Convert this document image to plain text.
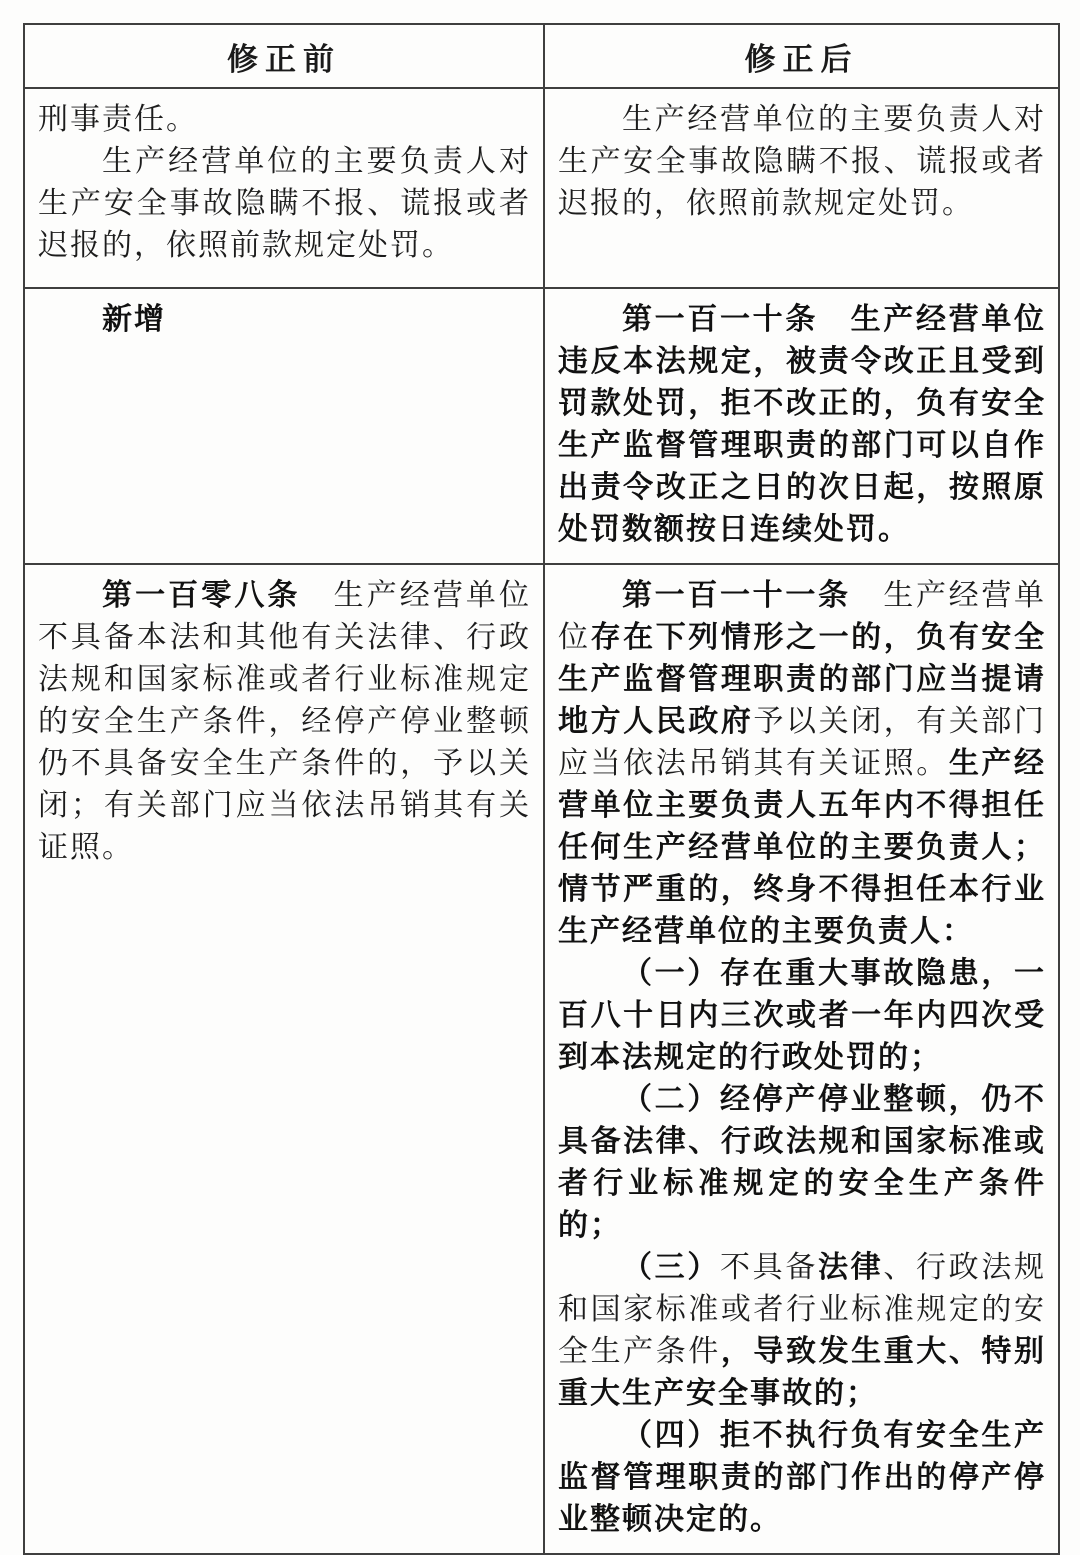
修正前	修正后

刑事责任。

生产经营单位的主要负责人对生产安全事故隐瞒不报、谎报或者迟报的，依照前款规定处罚。	生产经营单位的主要负责人对生产安全事故隐瞒不报、谎报或者迟报的，依照前款规定处罚。

新增	第一百一十条　 生产经营单位违反本法规定，被责令改正且受到罚款处罚，拒不改正的，负有安全生产监督管理职责的部门可以自作出责令改正之日的次日起，按照原处罚数额按日连续处罚。

第一百零八条　 生产经营单位不具备本法和其他有关法律、行政法规和国家标准或者行业标准规定的安全生产条件，经停产停业整顿仍不具备安全生产条件的，予以关闭；有关部门应当依法吊销其有关证照。	第一百一十一条　 生产经营单位存在下列情形之一的，负有安全生产监督管理职责的部门应当提请地方人民政府予以关闭，有关部门应当依法吊销其有关证照。生产经营单位主要负责人五年内不得担任任何生产经营单位的主要负责人；情节严重的，终身不得担任本行业生产经营单位的主要负责人：

（一）存在重大事故隐患，一百八十日内三次或者一年内四次受到本法规定的行政处罚的；

（二）经停产停业整顿，仍不具备法律、行政法规和国家标准或者行业标准规定的安全生产条件的；

（三）不具备法律、行政法规和国家标准或者行业标准规定的安全生产条件，导致发生重大、特别重大生产安全事故的；

（四）拒不执行负有安全生产监督管理职责的部门作出的停产停业整顿决定的。
